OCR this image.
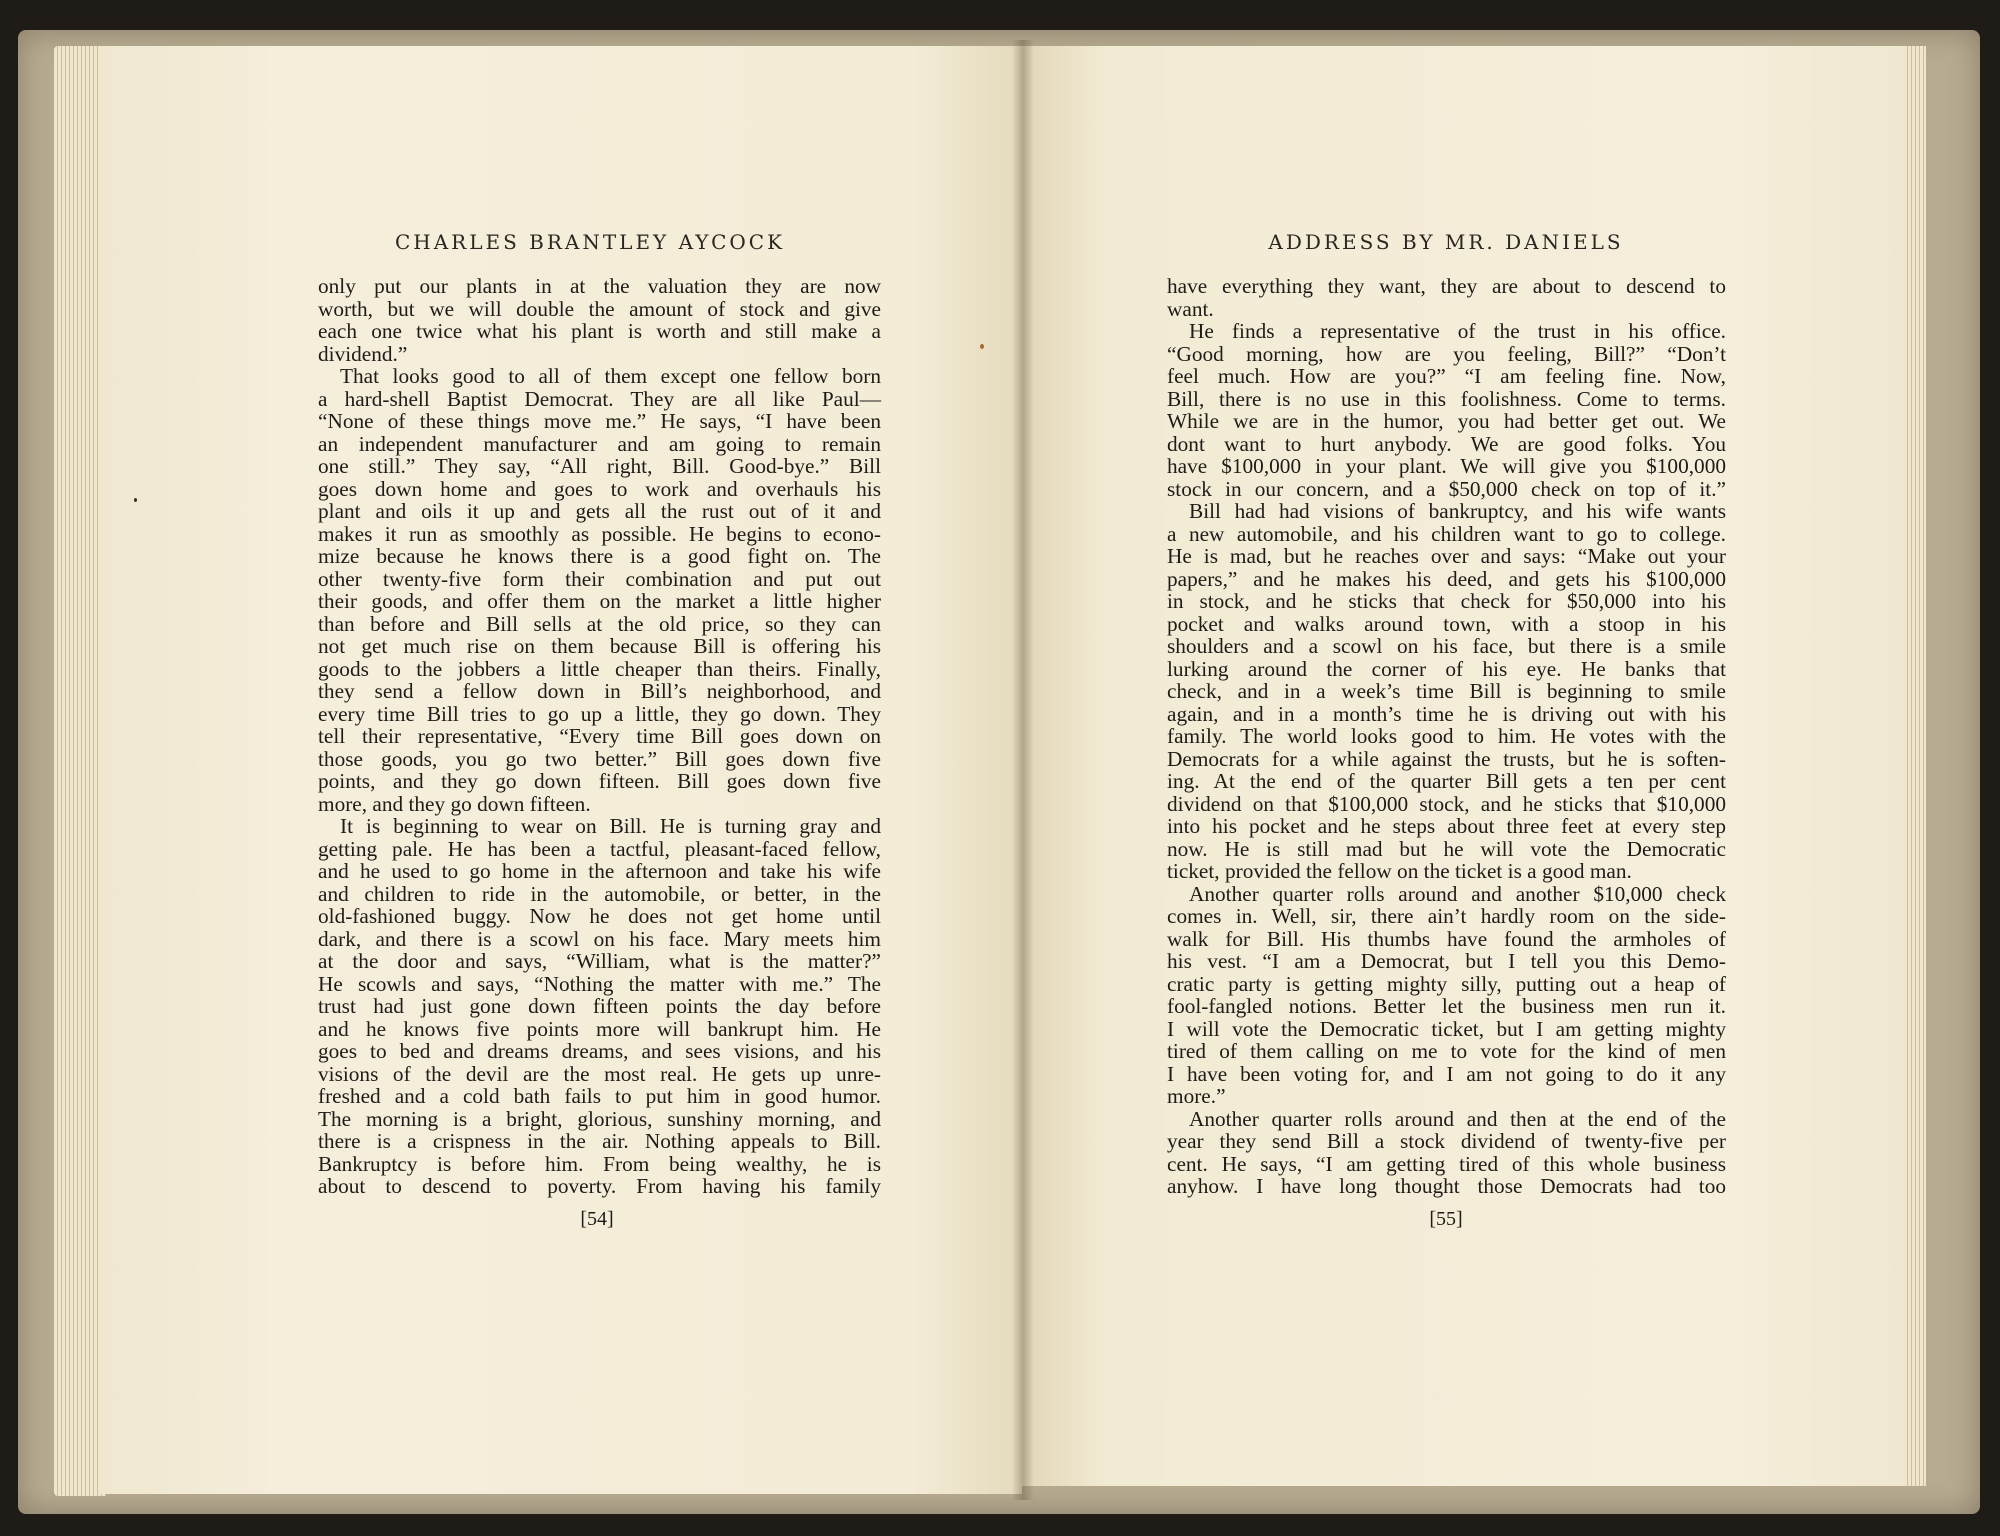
CHARLES BRANTLEY AYCOCK
only put our plants in at the valuation they are now
worth, but we will double the amount of stock and give
each one twice what his plant is worth and still make a
dividend.”
That looks good to all of them except one fellow born
a hard-shell Baptist Democrat. They are all like Paul—
“None of these things move me.” He says, “I have been
an independent manufacturer and am going to remain
one still.” They say, “All right, Bill. Good-bye.” Bill
goes down home and goes to work and overhauls his
plant and oils it up and gets all the rust out of it and
makes it run as smoothly as possible. He begins to econo-
mize because he knows there is a good fight on. The
other twenty-five form their combination and put out
their goods, and offer them on the market a little higher
than before and Bill sells at the old price, so they can
not get much rise on them because Bill is offering his
goods to the jobbers a little cheaper than theirs. Finally,
they send a fellow down in Bill’s neighborhood, and
every time Bill tries to go up a little, they go down. They
tell their representative, “Every time Bill goes down on
those goods, you go two better.” Bill goes down five
points, and they go down fifteen. Bill goes down five
more, and they go down fifteen.
It is beginning to wear on Bill. He is turning gray and
getting pale. He has been a tactful, pleasant-faced fellow,
and he used to go home in the afternoon and take his wife
and children to ride in the automobile, or better, in the
old-fashioned buggy. Now he does not get home until
dark, and there is a scowl on his face. Mary meets him
at the door and says, “William, what is the matter?”
He scowls and says, “Nothing the matter with me.” The
trust had just gone down fifteen points the day before
and he knows five points more will bankrupt him. He
goes to bed and dreams dreams, and sees visions, and his
visions of the devil are the most real. He gets up unre-
freshed and a cold bath fails to put him in good humor.
The morning is a bright, glorious, sunshiny morning, and
there is a crispness in the air. Nothing appeals to Bill.
Bankruptcy is before him. From being wealthy, he is
about to descend to poverty. From having his family
[54]
ADDRESS BY MR. DANIELS
have everything they want, they are about to descend to
want.
He finds a representative of the trust in his office.
“Good morning, how are you feeling, Bill?” “Don’t
feel much. How are you?” “I am feeling fine. Now,
Bill, there is no use in this foolishness. Come to terms.
While we are in the humor, you had better get out. We
dont want to hurt anybody. We are good folks. You
have $100,000 in your plant. We will give you $100,000
stock in our concern, and a $50,000 check on top of it.”
Bill had had visions of bankruptcy, and his wife wants
a new automobile, and his children want to go to college.
He is mad, but he reaches over and says: “Make out your
papers,” and he makes his deed, and gets his $100,000
in stock, and he sticks that check for $50,000 into his
pocket and walks around town, with a stoop in his
shoulders and a scowl on his face, but there is a smile
lurking around the corner of his eye. He banks that
check, and in a week’s time Bill is beginning to smile
again, and in a month’s time he is driving out with his
family. The world looks good to him. He votes with the
Democrats for a while against the trusts, but he is soften-
ing. At the end of the quarter Bill gets a ten per cent
dividend on that $100,000 stock, and he sticks that $10,000
into his pocket and he steps about three feet at every step
now. He is still mad but he will vote the Democratic
ticket, provided the fellow on the ticket is a good man.
Another quarter rolls around and another $10,000 check
comes in. Well, sir, there ain’t hardly room on the side-
walk for Bill. His thumbs have found the armholes of
his vest. “I am a Democrat, but I tell you this Demo-
cratic party is getting mighty silly, putting out a heap of
fool-fangled notions. Better let the business men run it.
I will vote the Democratic ticket, but I am getting mighty
tired of them calling on me to vote for the kind of men
I have been voting for, and I am not going to do it any
more.”
Another quarter rolls around and then at the end of the
year they send Bill a stock dividend of twenty-five per
cent. He says, “I am getting tired of this whole business
anyhow. I have long thought those Democrats had too
[55]
